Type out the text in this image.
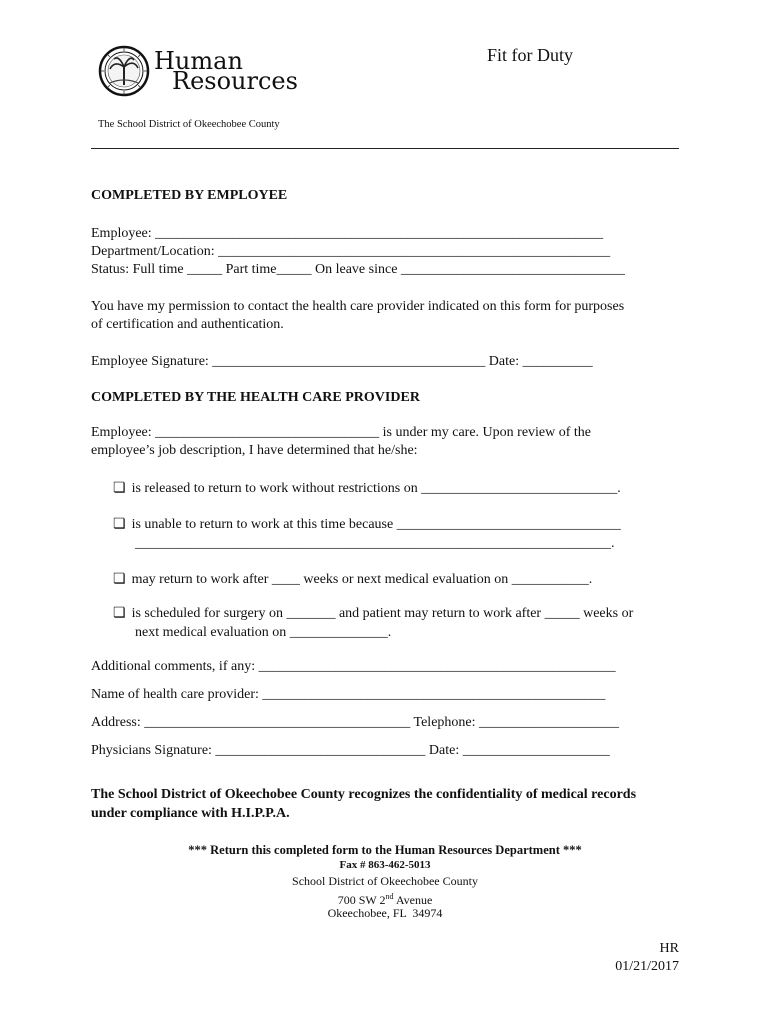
Human
Resources
Fit for Duty
The School District of Okeechobee County
COMPLETED BY EMPLOYEE
Employee: ________________________________________________________________
Department/Location: ________________________________________________________
Status: Full time _____ Part time_____ On leave since ________________________________
You have my permission to contact the health care provider indicated on this form for purposes
of certification and authentication.
Employee Signature: _______________________________________ Date: __________
COMPLETED BY THE HEALTH CARE PROVIDER
Employee: ________________________________ is under my care. Upon review of the
employee’s job description, I have determined that he/she:
❏ is released to return to work without restrictions on ____________________________.
❏ is unable to return to work at this time because ________________________________
____________________________________________________________________.
❏ may return to work after ____ weeks or next medical evaluation on ___________.
❏ is scheduled for surgery on _______ and patient may return to work after _____ weeks or
next medical evaluation on ______________.
Additional comments, if any: ___________________________________________________
Name of health care provider: _________________________________________________
Address: ______________________________________ Telephone: ____________________
Physicians Signature: ______________________________ Date: _____________________
The School District of Okeechobee County recognizes the confidentiality of medical records
under compliance with H.I.P.P.A.
*** Return this completed form to the Human Resources Department ***
Fax # 863-462-5013
School District of Okeechobee County
700 SW 2nd Avenue
Okeechobee, FL  34974
HR
01/21/2017
